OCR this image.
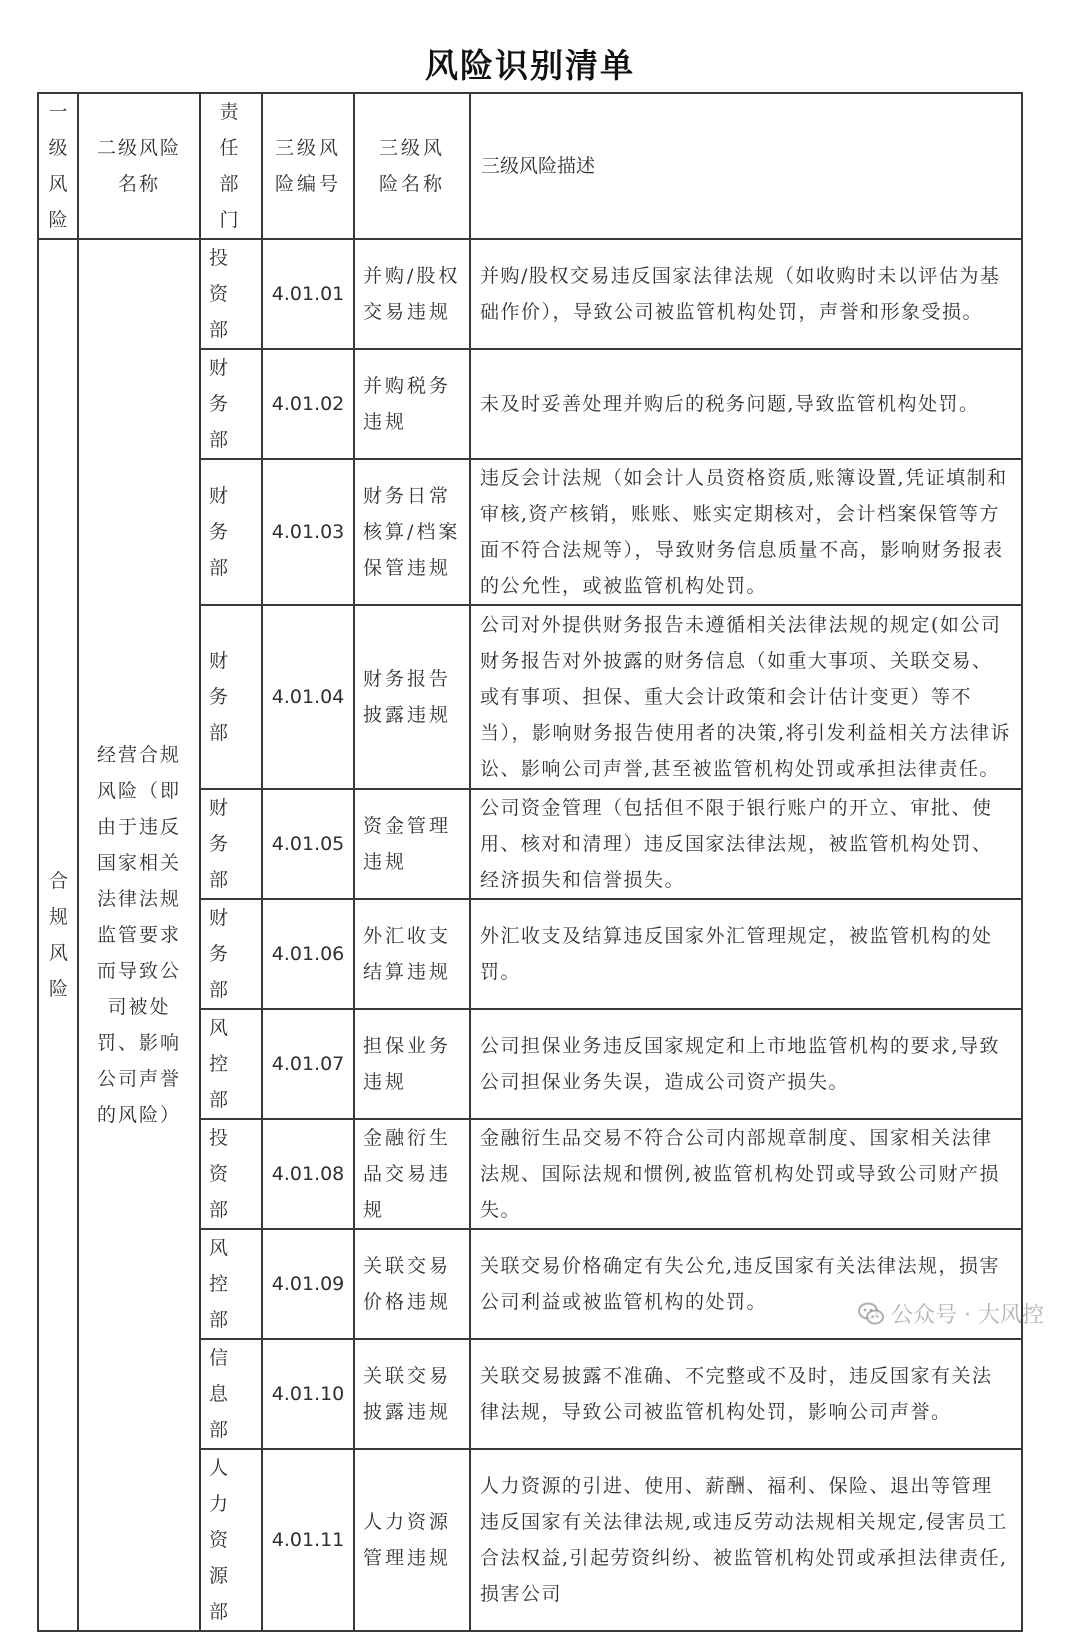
风险识别清单
一级风险	二级风险名称	责任部门	三级风险编号	三级风险名称	三级风险描述
合规风险	经营合规风险（即由于违反国家相关法律法规监管要求而导致公司被处罚、影响公司声誉的风险）	投资部	4.01.01	并购/股权交易违规	并购/股权交易违反国家法律法规（如收购时未以评估为基础作价），导致公司被监管机构处罚，声誉和形象受损。
		财务部	4.01.02	并购税务违规	未及时妥善处理并购后的税务问题,导致监管机构处罚。
		财务部	4.01.03	财务日常核算/档案保管违规	违反会计法规（如会计人员资格资质,账簿设置,凭证填制和审核,资产核销，账账、账实定期核对，会计档案保管等方面不符合法规等），导致财务信息质量不高，影响财务报表的公允性，或被监管机构处罚。
		财务部	4.01.04	财务报告披露违规	公司对外提供财务报告未遵循相关法律法规的规定(如公司财务报告对外披露的财务信息（如重大事项、关联交易、或有事项、担保、重大会计政策和会计估计变更）等不当），影响财务报告使用者的决策,将引发利益相关方法律诉讼、影响公司声誉,甚至被监管机构处罚或承担法律责任。
		财务部	4.01.05	资金管理违规	公司资金管理（包括但不限于银行账户的开立、审批、使用、核对和清理）违反国家法律法规，被监管机构处罚、经济损失和信誉损失。
		财务部	4.01.06	外汇收支结算违规	外汇收支及结算违反国家外汇管理规定，被监管机构的处罚。
		风控部	4.01.07	担保业务违规	公司担保业务违反国家规定和上市地监管机构的要求,导致公司担保业务失误，造成公司资产损失。
		投资部	4.01.08	金融衍生品交易违规	金融衍生品交易不符合公司内部规章制度、国家相关法律法规、国际法规和惯例,被监管机构处罚或导致公司财产损失。
		风控部	4.01.09	关联交易价格违规	关联交易价格确定有失公允,违反国家有关法律法规，损害公司利益或被监管机构的处罚。
		信息部	4.01.10	关联交易披露违规	关联交易披露不准确、不完整或不及时，违反国家有关法律法规，导致公司被监管机构处罚，影响公司声誉。
		人力资源部	4.01.11	人力资源管理违规	人力资源的引进、使用、薪酬、福利、保险、退出等管理违反国家有关法律法规,或违反劳动法规相关规定,侵害员工合法权益,引起劳资纠纷、被监管机构处罚或承担法律责任,损害公司
公众号 · 大风控
